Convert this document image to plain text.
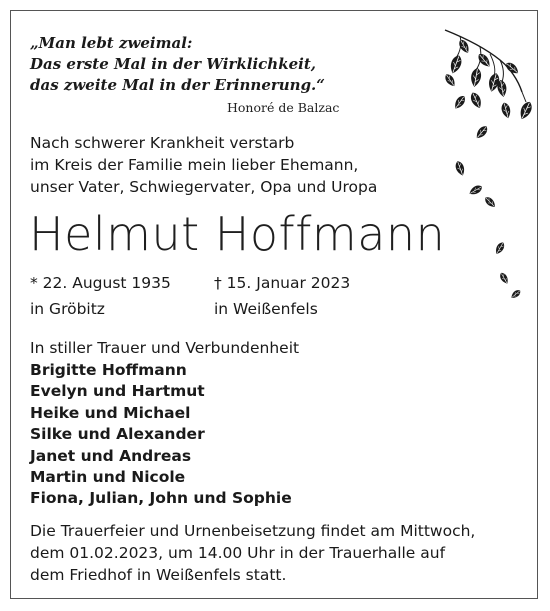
„Man lebt zweimal:
Das erste Mal in der Wirklichkeit,
das zweite Mal in der Erinnerung.“
Honoré de Balzac
Nach schwerer Krankheit verstarb
im Kreis der Familie mein lieber Ehemann,
unser Vater, Schwiegervater, Opa und Uropa
Helmut Hoffmann
* 22. August 1935
in Gröbitz
† 15. Januar 2023
in Weißenfels
In stiller Trauer und Verbundenheit
Brigitte Hoffmann
Evelyn und Hartmut
Heike und Michael
Silke und Alexander
Janet und Andreas
Martin und Nicole
Fiona, Julian, John und Sophie
Die Trauerfeier und Urnenbeisetzung findet am Mittwoch,
dem 01.02.2023, um 14.00 Uhr in der Trauerhalle auf
dem Friedhof in Weißenfels statt.
